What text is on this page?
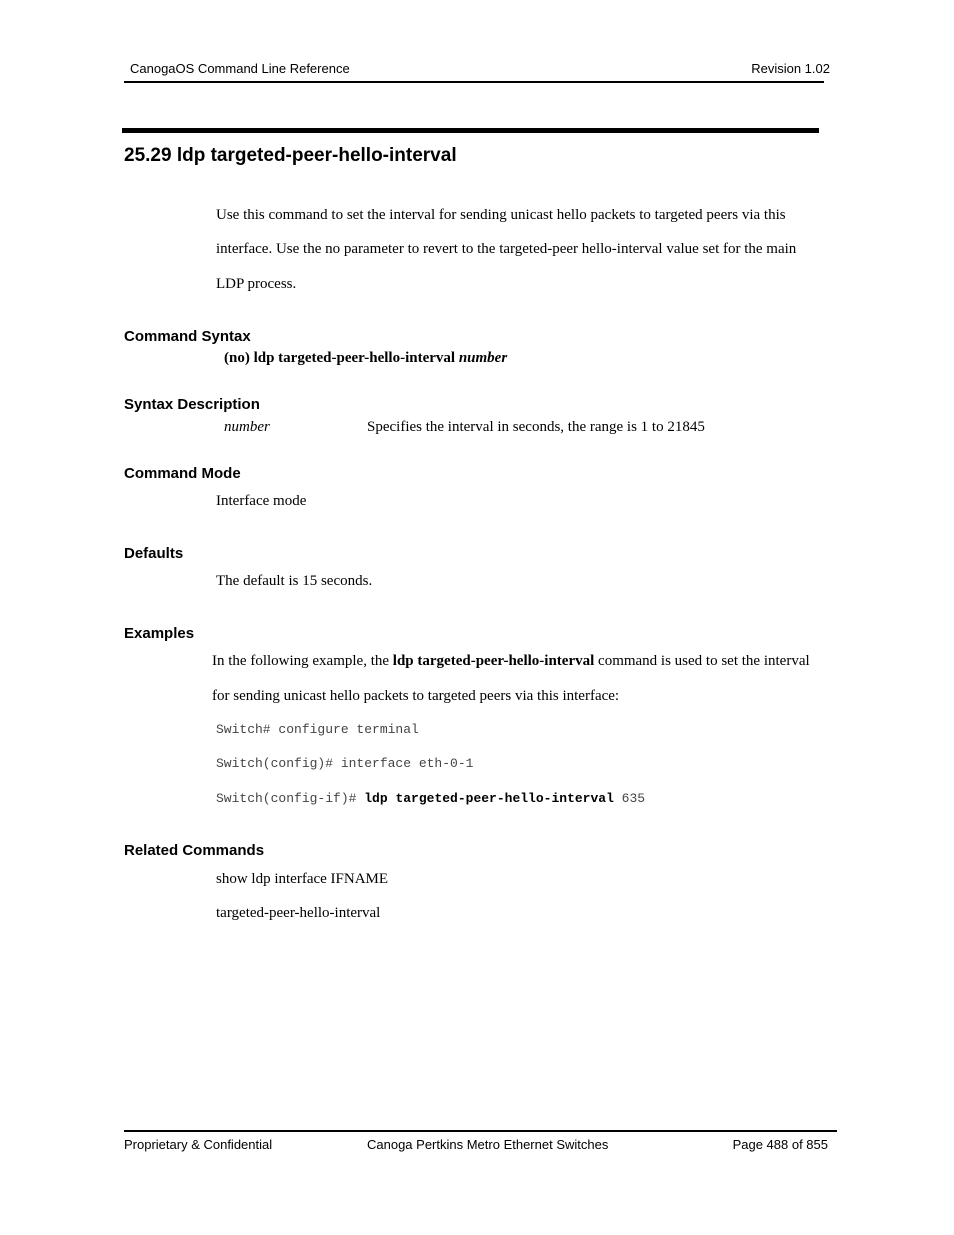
CanogaOS Command Line Reference	Revision 1.02
25.29 ldp targeted-peer-hello-interval
Use this command to set the interval for sending unicast hello packets to targeted peers via this
interface. Use the no parameter to revert to the targeted-peer hello-interval value set for the main
LDP process.
Command Syntax
(no) ldp targeted-peer-hello-interval number
Syntax Description
number	Specifies the interval in seconds, the range is 1 to 21845
Command Mode
Interface mode
Defaults
The default is 15 seconds.
Examples
In the following example, the ldp targeted-peer-hello-interval command is used to set the interval
for sending unicast hello packets to targeted peers via this interface:
Switch# configure terminal
Switch(config)# interface eth-0-1
Switch(config-if)# ldp targeted-peer-hello-interval 635
Related Commands
show ldp interface IFNAME
targeted-peer-hello-interval
Proprietary & Confidential	Canoga Pertkins Metro Ethernet Switches	Page 488 of 855
